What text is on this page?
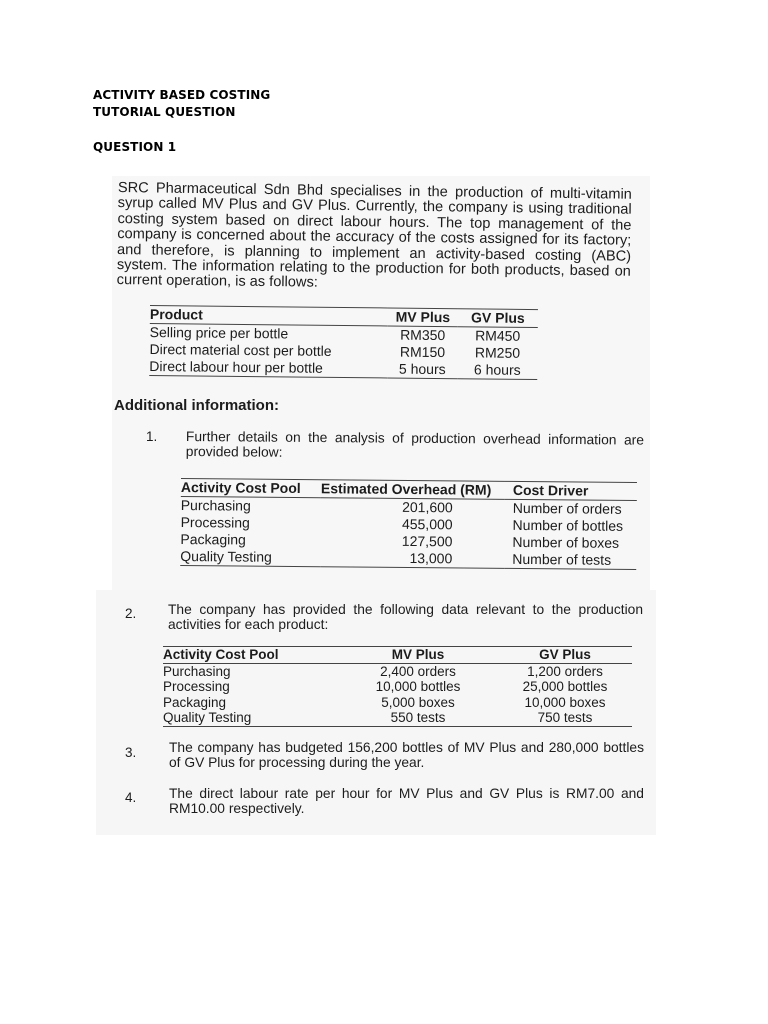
ACTIVITY BASED COSTING
TUTORIAL QUESTION
QUESTION 1
SRC Pharmaceutical Sdn Bhd specialises in the production of multi-vitamin syrup called MV Plus and GV Plus. Currently, the company is using traditional costing system based on direct labour hours. The top management of the company is concerned about the accuracy of the costs assigned for its factory; and therefore, is planning to implement an activity-based costing (ABC) system. The information relating to the production for both products, based on current operation, is as follows:
Product	MV Plus	GV Plus
Selling price per bottle	RM350	RM450
Direct material cost per bottle	RM150	RM250
Direct labour hour per bottle	5 hours	6 hours
Additional information:
1. Further details on the analysis of production overhead information are provided below:
Activity Cost Pool	Estimated Overhead (RM)	Cost Driver
Purchasing	201,600	Number of orders
Processing	455,000	Number of bottles
Packaging	127,500	Number of boxes
Quality Testing	13,000	Number of tests
2. The company has provided the following data relevant to the production activities for each product:
Activity Cost Pool	MV Plus	GV Plus
Purchasing	2,400 orders	1,200 orders
Processing	10,000 bottles	25,000 bottles
Packaging	5,000 boxes	10,000 boxes
Quality Testing	550 tests	750 tests
3. The company has budgeted 156,200 bottles of MV Plus and 280,000 bottles of GV Plus for processing during the year.
4. The direct labour rate per hour for MV Plus and GV Plus is RM7.00 and RM10.00 respectively.
